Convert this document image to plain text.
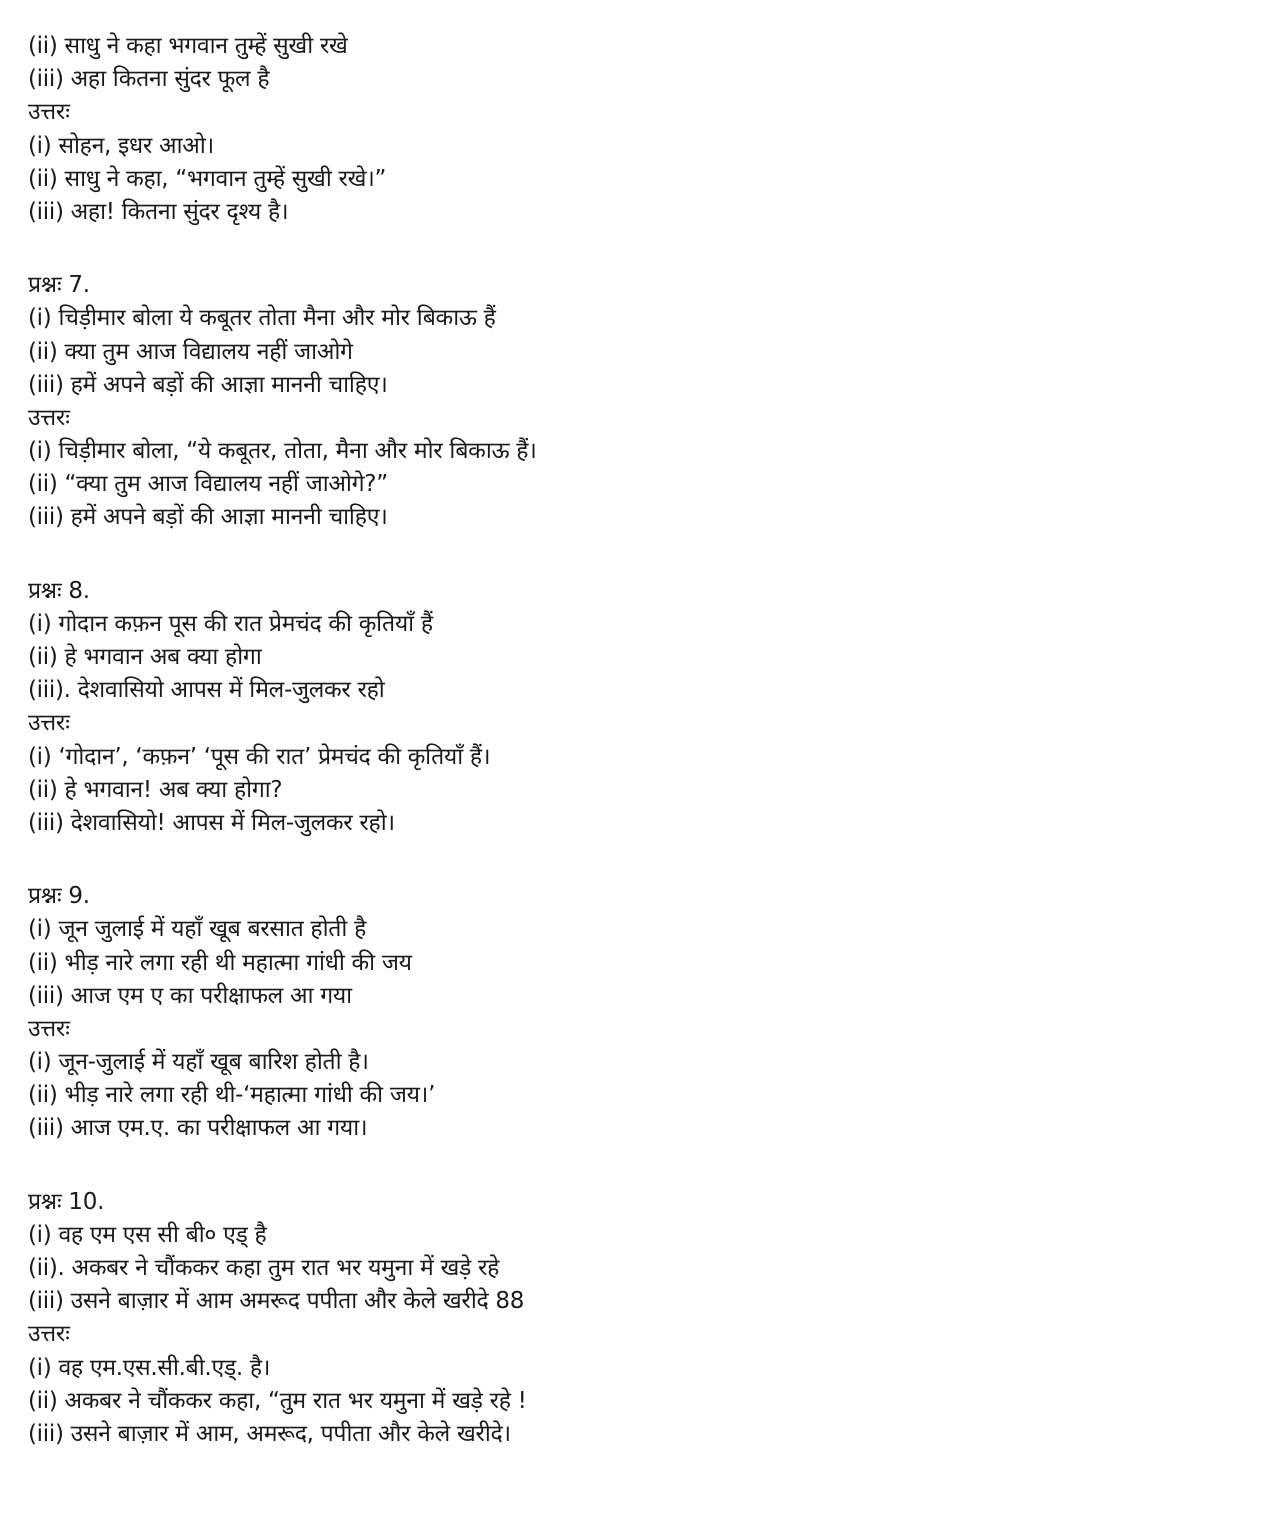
(ii) साधु ने कहा भगवान तुम्हें सुखी रखे
(iii) अहा कितना सुंदर फूल है
उत्तरः
(i) सोहन, इधर आओ।
(ii) साधु ने कहा, “भगवान तुम्हें सुखी रखे।”
(iii) अहा! कितना सुंदर दृश्य है।
प्रश्नः 7.
(i) चिड़ीमार बोला ये कबूतर तोता मैना और मोर बिकाऊ हैं
(ii) क्या तुम आज विद्यालय नहीं जाओगे
(iii) हमें अपने बड़ों की आज्ञा माननी चाहिए।
उत्तरः
(i) चिड़ीमार बोला, “ये कबूतर, तोता, मैना और मोर बिकाऊ हैं।
(ii) “क्या तुम आज विद्यालय नहीं जाओगे?”
(iii) हमें अपने बड़ों की आज्ञा माननी चाहिए।
प्रश्नः 8.
(i) गोदान कफ़न पूस की रात प्रेमचंद की कृतियाँ हैं
(ii) हे भगवान अब क्या होगा
(iii). देशवासियो आपस में मिल-जुलकर रहो
उत्तरः
(i) ‘गोदान’, ‘कफ़न’ ‘पूस की रात’ प्रेमचंद की कृतियाँ हैं।
(ii) हे भगवान! अब क्या होगा?
(iii) देशवासियो! आपस में मिल-जुलकर रहो।
प्रश्नः 9.
(i) जून जुलाई में यहाँ खूब बरसात होती है
(ii) भीड़ नारे लगा रही थी महात्मा गांधी की जय
(iii) आज एम ए का परीक्षाफल आ गया
उत्तरः
(i) जून-जुलाई में यहाँ खूब बारिश होती है।
(ii) भीड़ नारे लगा रही थी-‘महात्मा गांधी की जय।’
(iii) आज एम.ए. का परीक्षाफल आ गया।
प्रश्नः 10.
(i) वह एम एस सी बी० एड् है
(ii). अकबर ने चौंककर कहा तुम रात भर यमुना में खड़े रहे
(iii) उसने बाज़ार में आम अमरूद पपीता और केले खरीदे 88
उत्तरः
(i) वह एम.एस.सी.बी.एड्. है।
(ii) अकबर ने चौंककर कहा, “तुम रात भर यमुना में खड़े रहे !
(iii) उसने बाज़ार में आम, अमरूद, पपीता और केले खरीदे।
